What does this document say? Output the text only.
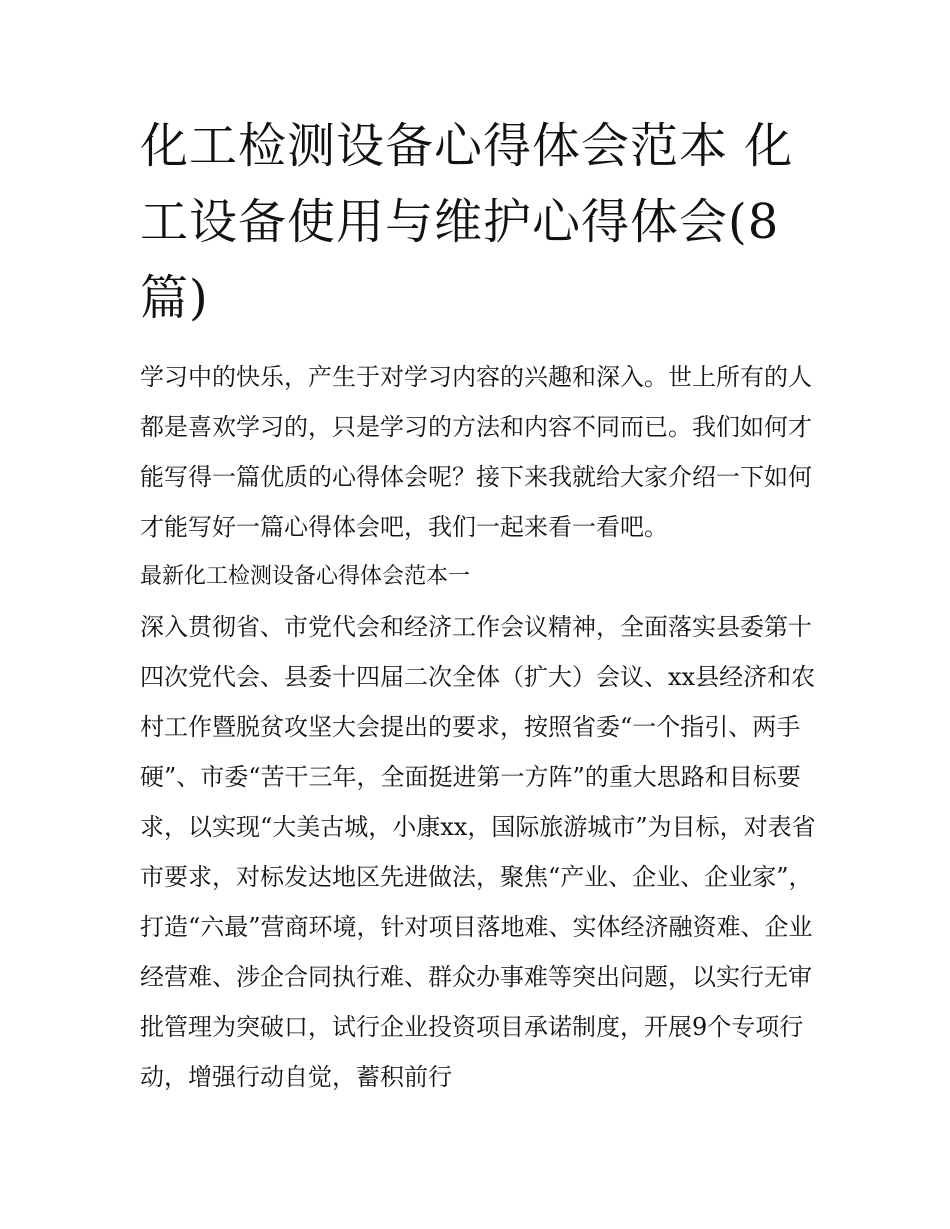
化工检测设备心得体会范本 化工设备使用与维护心得体会(8篇)

学习中的快乐，产生于对学习内容的兴趣和深入。世上所有的人都是喜欢学习的，只是学习的方法和内容不同而已。我们如何才能写得一篇优质的心得体会呢？接下来我就给大家介绍一下如何才能写好一篇心得体会吧，我们一起来看一看吧。

最新化工检测设备心得体会范本一

深入贯彻省、市党代会和经济工作会议精神，全面落实县委第十四次党代会、县委十四届二次全体（扩大）会议、xx县经济和农村工作暨脱贫攻坚大会提出的要求，按照省委“一个指引、两手硬”、市委“苦干三年，全面挺进第一方阵”的重大思路和目标要求，以实现“大美古城，小康xx，国际旅游城市”为目标，对表省市要求，对标发达地区先进做法，聚焦“产业、企业、企业家”，打造“六最”营商环境，针对项目落地难、实体经济融资难、企业经营难、涉企合同执行难、群众办事难等突出问题，以实行无审批管理为突破口，试行企业投资项目承诺制度，开展9个专项行动，增强行动自觉，蓄积前行
